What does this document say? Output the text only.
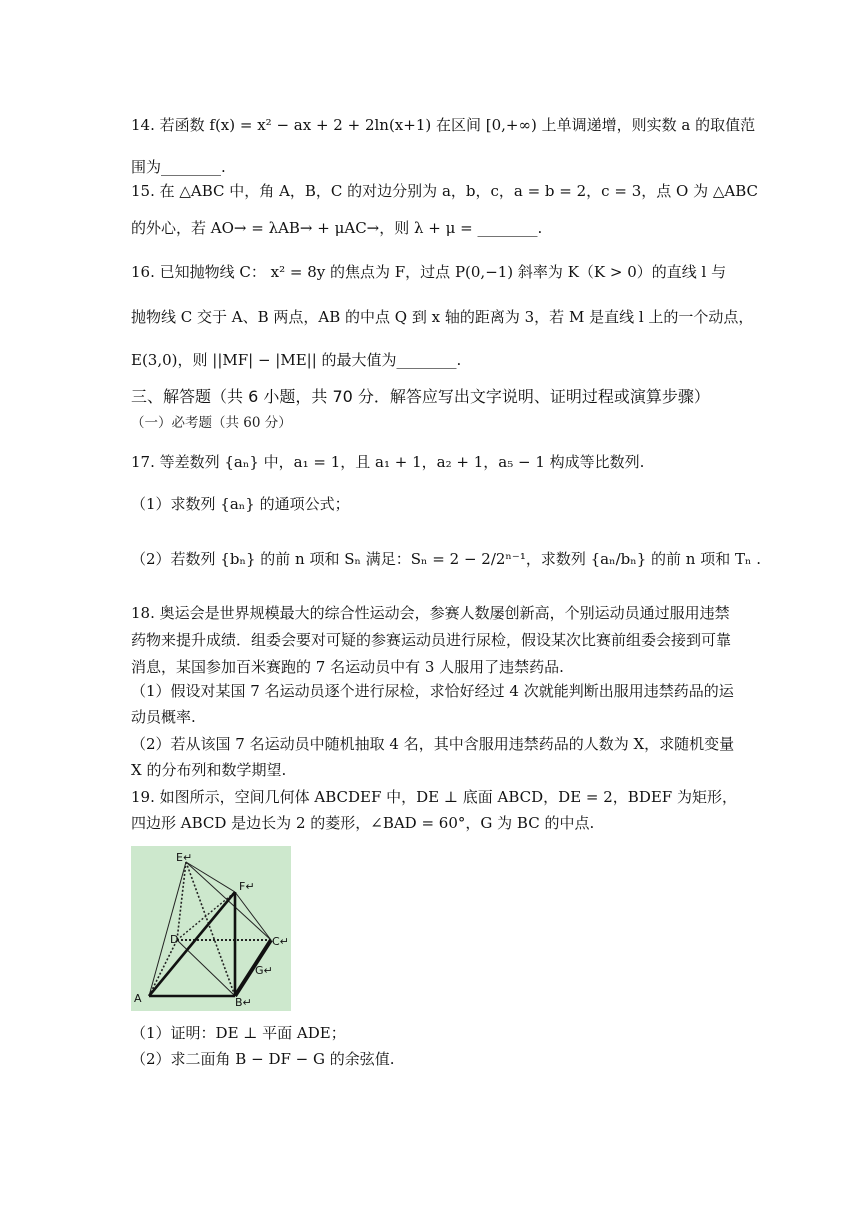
14. 若函数 f(x) = x² − ax + 2 + 2ln(x+1) 在区间 [0,+∞) 上单调递增，则实数 a 的取值范
围为________.
15. 在 △ABC 中，角 A，B，C 的对边分别为 a，b，c，a = b = 2，c = 3，点 O 为 △ABC
的外心，若 AO→ = λAB→ + μAC→，则 λ + μ = ________.
16. 已知抛物线 C： x² = 8y 的焦点为 F，过点 P(0,−1) 斜率为 K（K > 0）的直线 l 与
抛物线 C 交于 A、B 两点，AB 的中点 Q 到 x 轴的距离为 3，若 M 是直线 l 上的一个动点，
E(3,0)，则 ||MF| − |ME|| 的最大值为________.
三、解答题（共 6 小题，共 70 分．解答应写出文字说明、证明过程或演算步骤）
（一）必考题（共 60 分）
17. 等差数列 {aₙ} 中，a₁ = 1，且 a₁ + 1，a₂ + 1，a₅ − 1 构成等比数列.
（1）求数列 {aₙ} 的通项公式；
（2）若数列 {bₙ} 的前 n 项和 Sₙ 满足：Sₙ = 2 − 2/2ⁿ⁻¹，求数列 {aₙ/bₙ} 的前 n 项和 Tₙ .
18. 奥运会是世界规模最大的综合性运动会，参赛人数屡创新高，个别运动员通过服用违禁
药物来提升成绩．组委会要对可疑的参赛运动员进行尿检，假设某次比赛前组委会接到可靠
消息，某国参加百米赛跑的 7 名运动员中有 3 人服用了违禁药品.
（1）假设对某国 7 名运动员逐个进行尿检，求恰好经过 4 次就能判断出服用违禁药品的运
动员概率.
（2）若从该国 7 名运动员中随机抽取 4 名，其中含服用违禁药品的人数为 X，求随机变量
X 的分布列和数学期望.
19. 如图所示，空间几何体 ABCDEF 中，DE ⊥ 底面 ABCD，DE = 2，BDEF 为矩形，
四边形 ABCD 是边长为 2 的菱形，∠BAD = 60°，G 为 BC 的中点.
E↵
F↵
D	C↵
G↵
A	B↵
（1）证明：DE ⊥ 平面 ADE；
（2）求二面角 B − DF − G 的余弦值.
